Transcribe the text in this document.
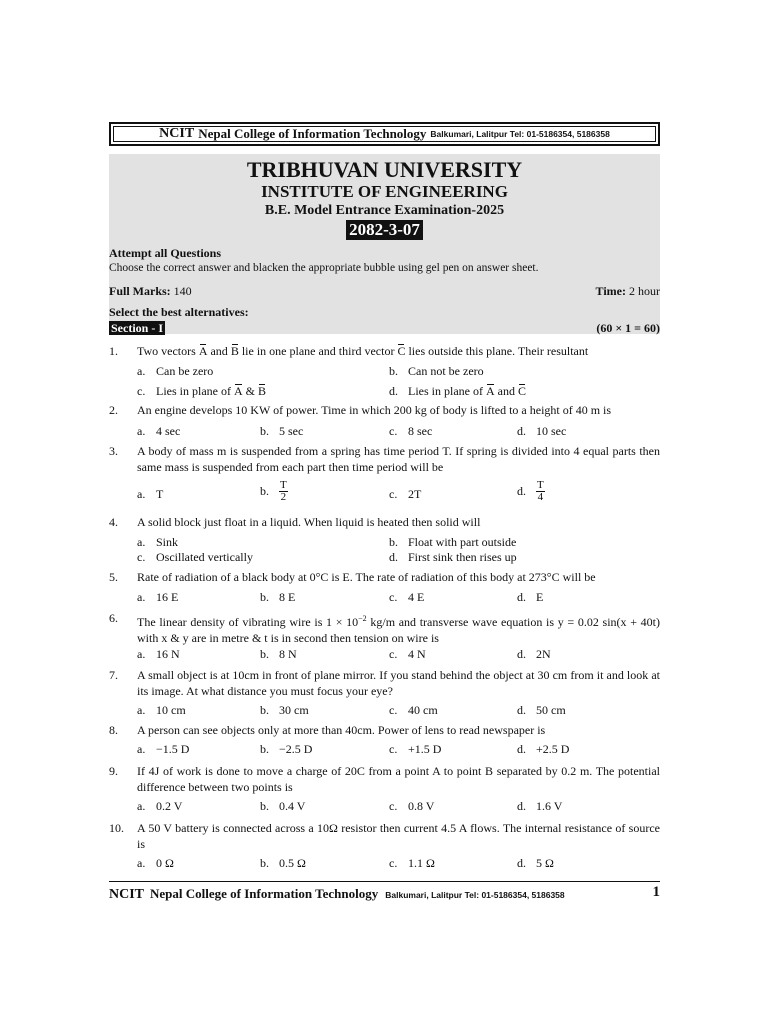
NCIT Nepal College of Information Technology Balkumari, Lalitpur Tel: 01-5186354, 5186358
TRIBHUVAN UNIVERSITY
INSTITUTE OF ENGINEERING
B.E. Model Entrance Examination-2025
2082-3-07
Attempt all Questions
Choose the correct answer and blacken the appropriate bubble using gel pen on answer sheet.
Full Marks: 140	Time: 2 hour
Select the best alternatives:
Section - I	(60 × 1 = 60)
1. Two vectors A and B lie in one plane and third vector C lies outside this plane. Their resultant
a. Can be zero	b. Can not be zero
c. Lies in plane of A & B	d. Lies in plane of A and C
2. An engine develops 10 KW of power. Time in which 200 kg of body is lifted to a height of 40 m is
a. 4 sec	b. 5 sec	c. 8 sec	d. 10 sec
3. A body of mass m is suspended from a spring has time period T. If spring is divided into 4 equal parts then same mass is suspended from each part then time period will be
a. T	b. $\frac{T}{2}$	c. 2T	d. $\frac{T}{4}$
4. A solid block just float in a liquid. When liquid is heated then solid will
a. Sink	b. Float with part outside
c. Oscillated vertically	d. First sink then rises up
5. Rate of radiation of a black body at 0°C is E. The rate of radiation of this body at 273°C will be
a. 16 E	b. 8 E	c. 4 E	d. E
6. The linear density of vibrating wire is $1 \times 10^{-2}$ kg/m and transverse wave equation is y = 0.02 sin(x + 40t) with x & y are in metre & t is in second then tension on wire is
a. 16 N	b. 8 N	c. 4 N	d. 2N
7. A small object is at 10cm in front of plane mirror. If you stand behind the object at 30 cm from it and look at its image. At what distance you must focus your eye?
a. 10 cm	b. 30 cm	c. 40 cm	d. 50 cm
8. A person can see objects only at more than 40cm. Power of lens to read newspaper is
a. −1.5 D	b. −2.5 D	c. +1.5 D	d. +2.5 D
9. If 4J of work is done to move a charge of 20C from a point A to point B separated by 0.2 m. The potential difference between two points is
a. 0.2 V	b. 0.4 V	c. 0.8 V	d. 1.6 V
10. A 50 V battery is connected across a 10Ω resistor then current 4.5 A flows. The internal resistance of source is
a. 0 Ω	b. 0.5 Ω	c. 1.1 Ω	d. 5 Ω
NCIT Nepal College of Information Technology Balkumari, Lalitpur Tel: 01-5186354, 5186358	1
